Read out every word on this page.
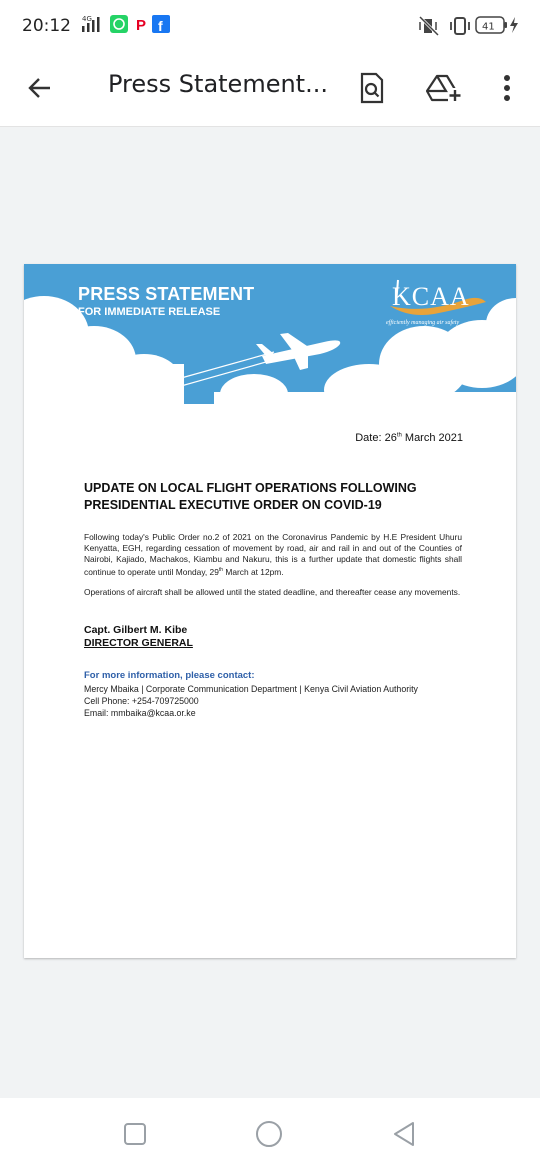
20:12 4G	P f	41
Press Statement...
PRESS STATEMENT
FOR IMMEDIATE RELEASE
KCAA
efficiently managing air safety
Date: 26th March 2021
UPDATE ON LOCAL FLIGHT OPERATIONS FOLLOWING PRESIDENTIAL EXECUTIVE ORDER ON COVID-19
Following today's Public Order no.2 of 2021 on the Coronavirus Pandemic by H.E President Uhuru Kenyatta, EGH, regarding cessation of movement by road, air and rail in and out of the Counties of Nairobi, Kajiado, Machakos, Kiambu and Nakuru, this is a further update that domestic flights shall continue to operate until Monday, 29th March at 12pm.
Operations of aircraft shall be allowed until the stated deadline, and thereafter cease any movements.
Capt. Gilbert M. Kibe
DIRECTOR GENERAL
For more information, please contact:
Mercy Mbaika | Corporate Communication Department | Kenya Civil Aviation Authority
Cell Phone: +254-709725000
Email: mmbaika@kcaa.or.ke
